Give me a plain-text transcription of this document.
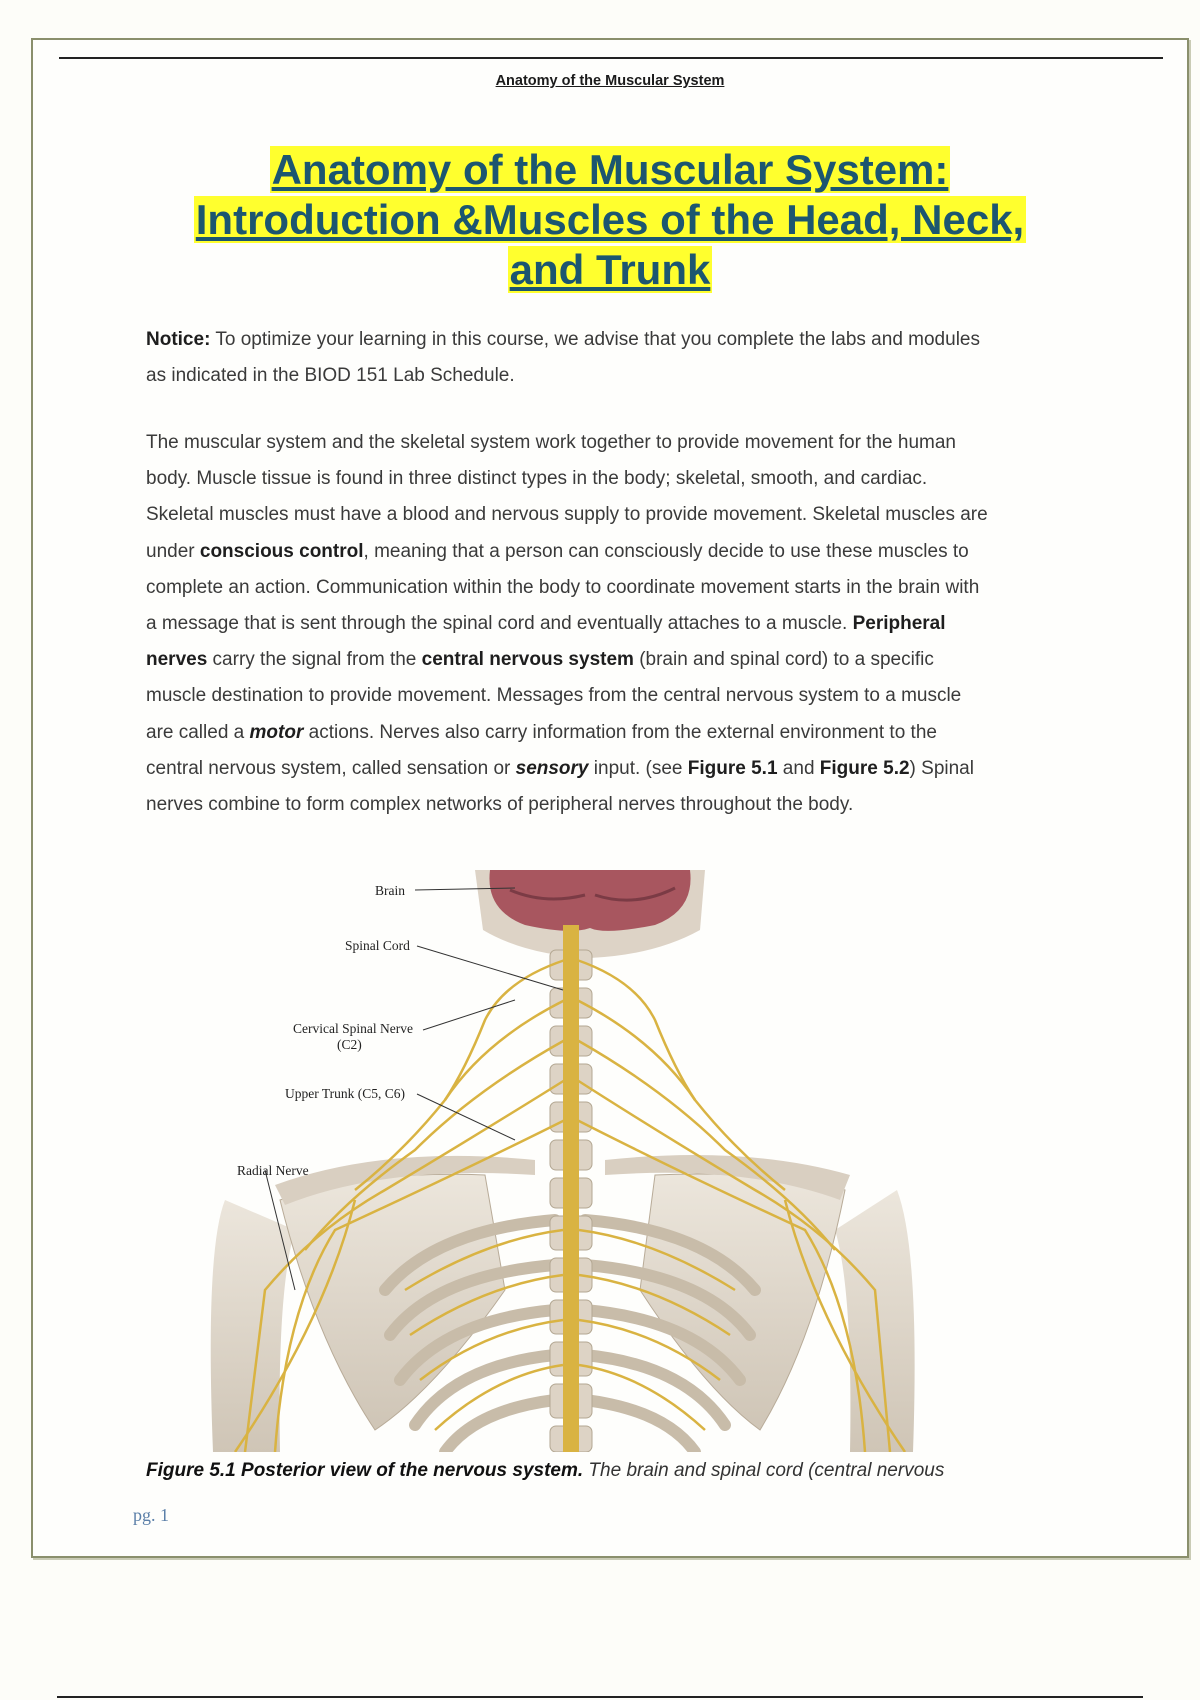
Anatomy of the Muscular System
Anatomy of the Muscular System:
Introduction &Muscles of the Head, Neck,
and Trunk
Notice: To optimize your learning in this course, we advise that you complete the labs and modules
as indicated in the BIOD 151 Lab Schedule.
The muscular system and the skeletal system work together to provide movement for the human
body. Muscle tissue is found in three distinct types in the body; skeletal, smooth, and cardiac.
Skeletal muscles must have a blood and nervous supply to provide movement. Skeletal muscles are
under conscious control, meaning that a person can consciously decide to use these muscles to
complete an action. Communication within the body to coordinate movement starts in the brain with
a message that is sent through the spinal cord and eventually attaches to a muscle. Peripheral
nerves carry the signal from the central nervous system (brain and spinal cord) to a specific
muscle destination to provide movement. Messages from the central nervous system to a muscle
are called a motor actions. Nerves also carry information from the external environment to the
central nervous system, called sensation or sensory input. (see Figure 5.1 and Figure 5.2) Spinal
nerves combine to form complex networks of peripheral nerves throughout the body.
Brain
Spinal Cord
Cervical Spinal Nerve
(C2)
Upper Trunk (C5, C6)
Radial Nerve
Figure 5.1 Posterior view of the nervous system. The brain and spinal cord (central nervous
pg. 1
